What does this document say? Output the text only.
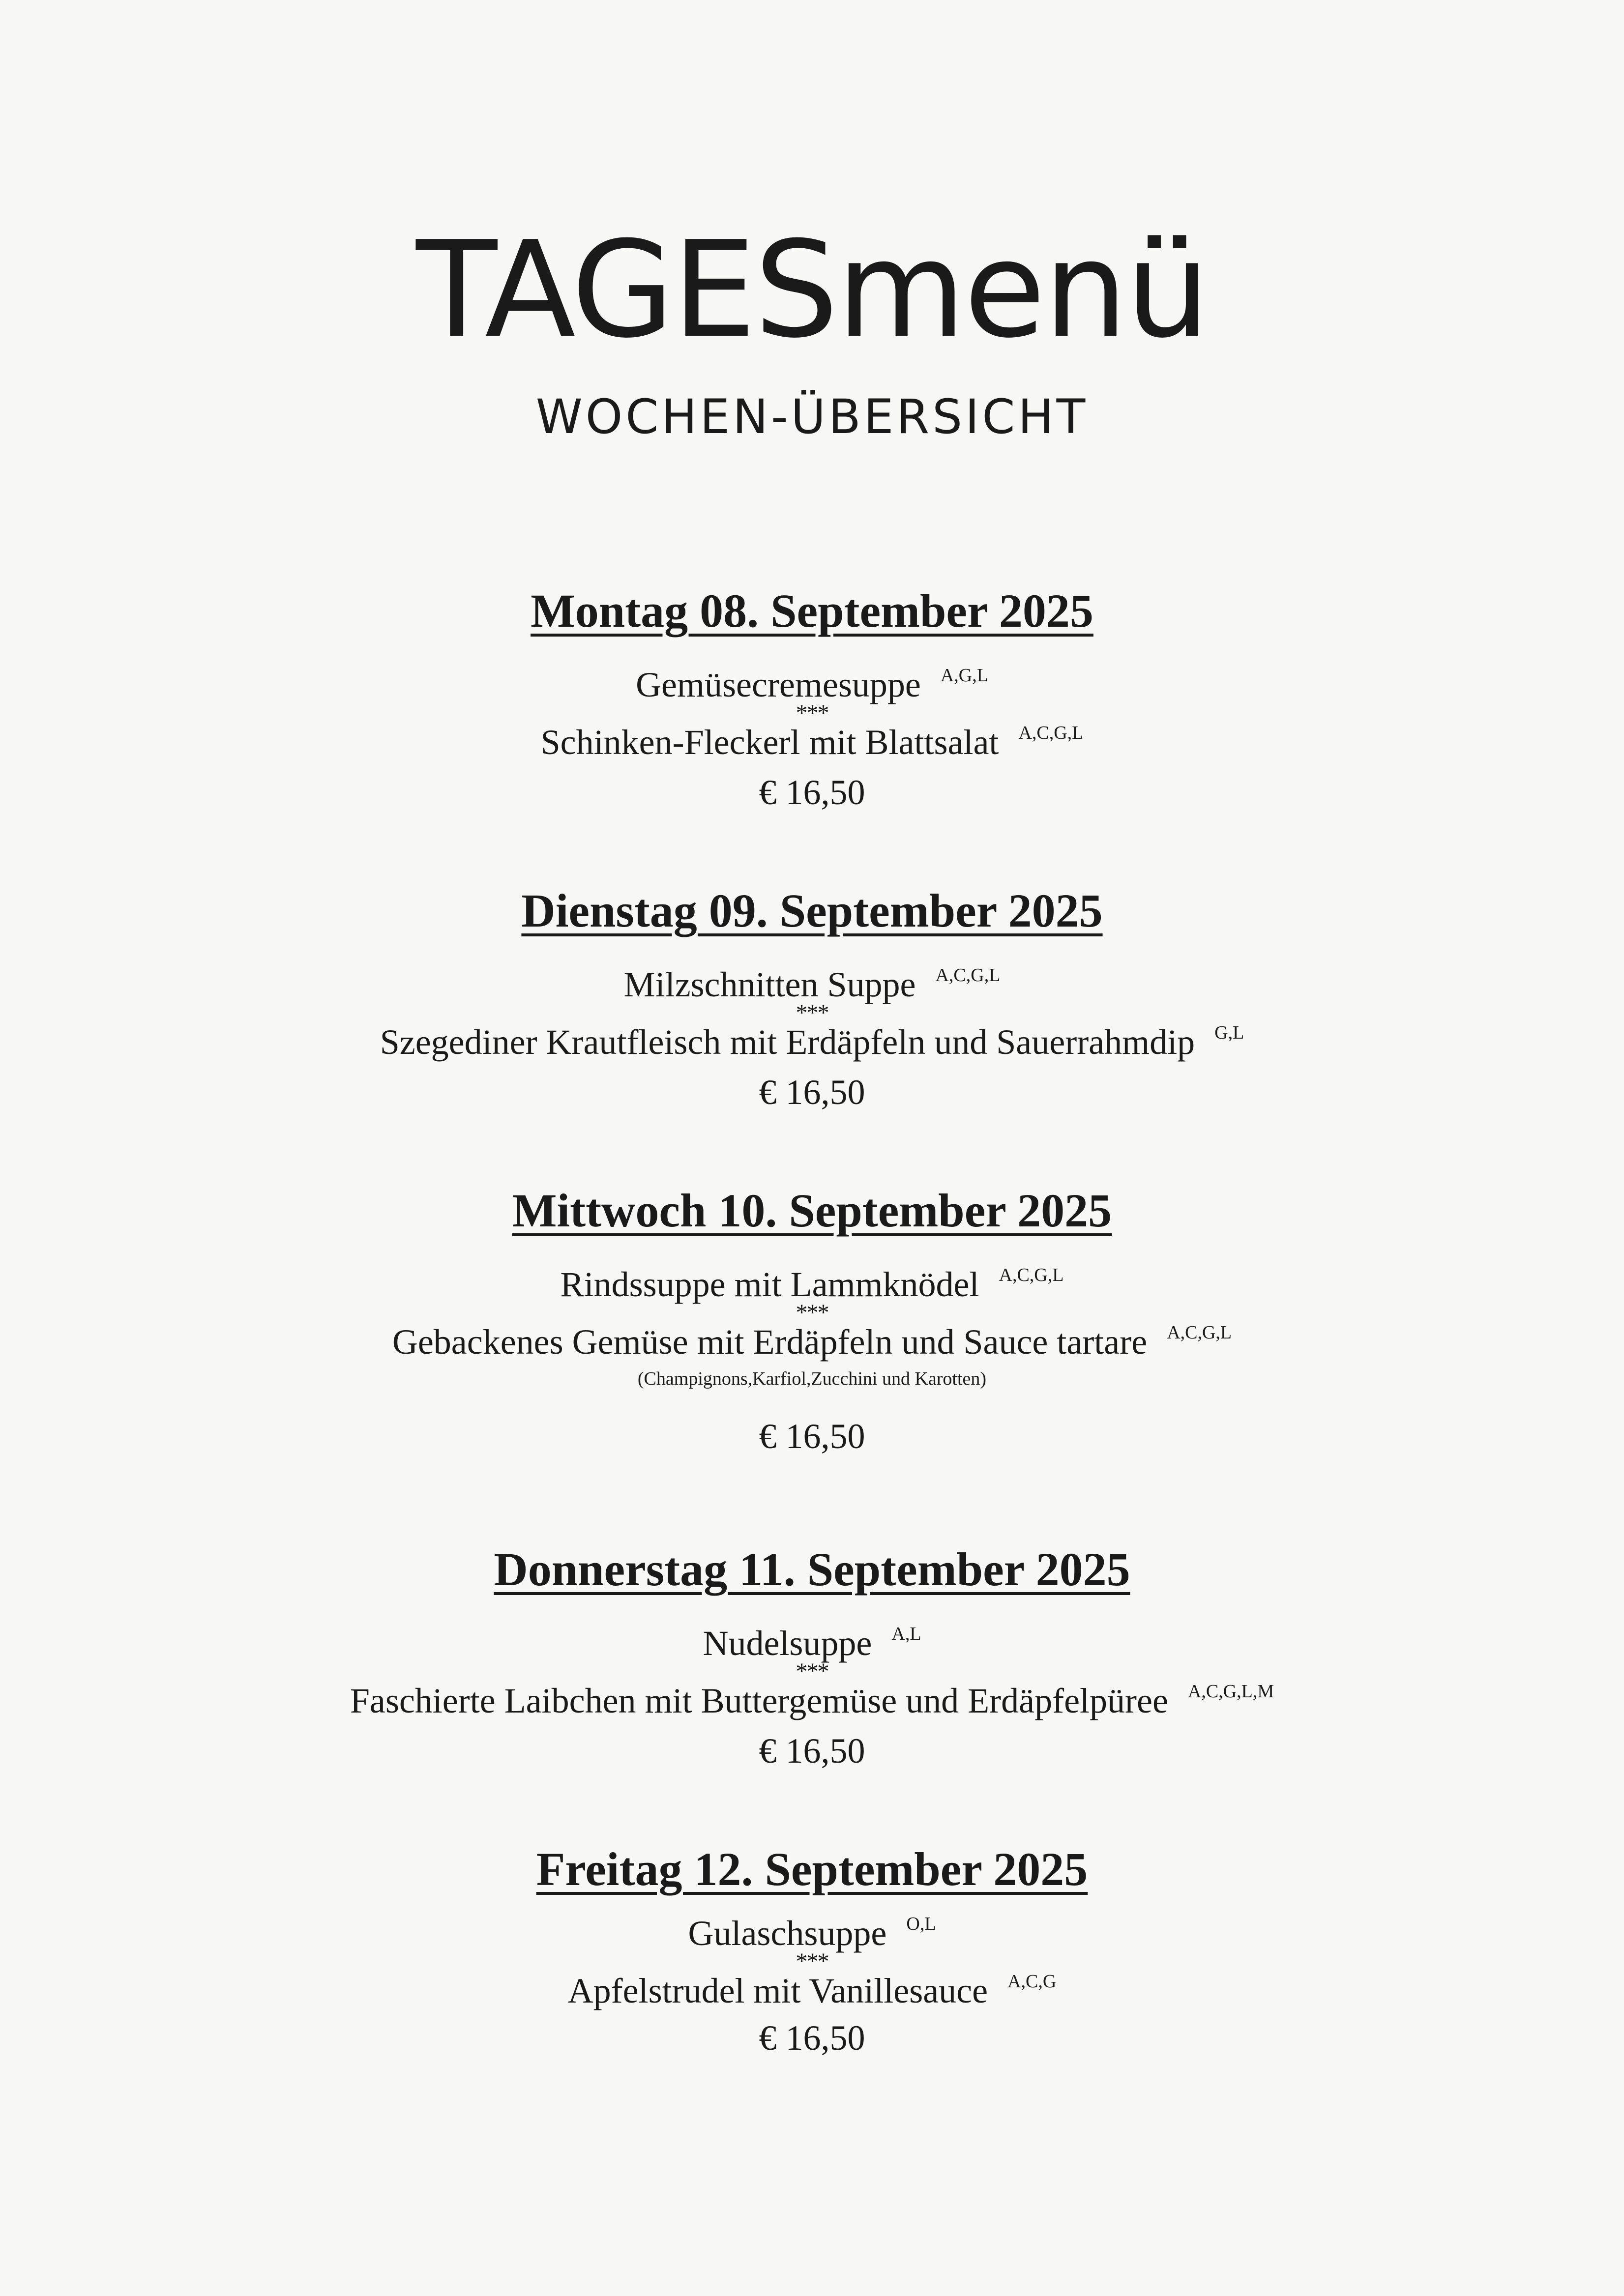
TAGESmenü
WOCHEN-ÜBERSICHT
Montag 08. September 2025
Gemüsecremesuppe $^{A,G,L}$
***
Schinken-Fleckerl mit Blattsalat $^{A,C,G,L}$
€ 16,50
Dienstag 09. September 2025
Milzschnitten Suppe $^{A,C,G,L}$
***
Szegediner Krautfleisch mit Erdäpfeln und Sauerrahmdip $^{G,L}$
€ 16,50
Mittwoch 10. September 2025
Rindssuppe mit Lammknödel $^{A,C,G,L}$
***
Gebackenes Gemüse mit Erdäpfeln und Sauce tartare $^{A,C,G,L}$
(Champignons,Karfiol,Zucchini und Karotten)
€ 16,50
Donnerstag 11. September 2025
Nudelsuppe $^{A,L}$
***
Faschierte Laibchen mit Buttergemüse und Erdäpfelpüree $^{A,C,G,L,M}$
€ 16,50
Freitag 12. September 2025
Gulaschsuppe $^{O,L}$
***
Apfelstrudel mit Vanillesauce $^{A,C,G}$
€ 16,50
